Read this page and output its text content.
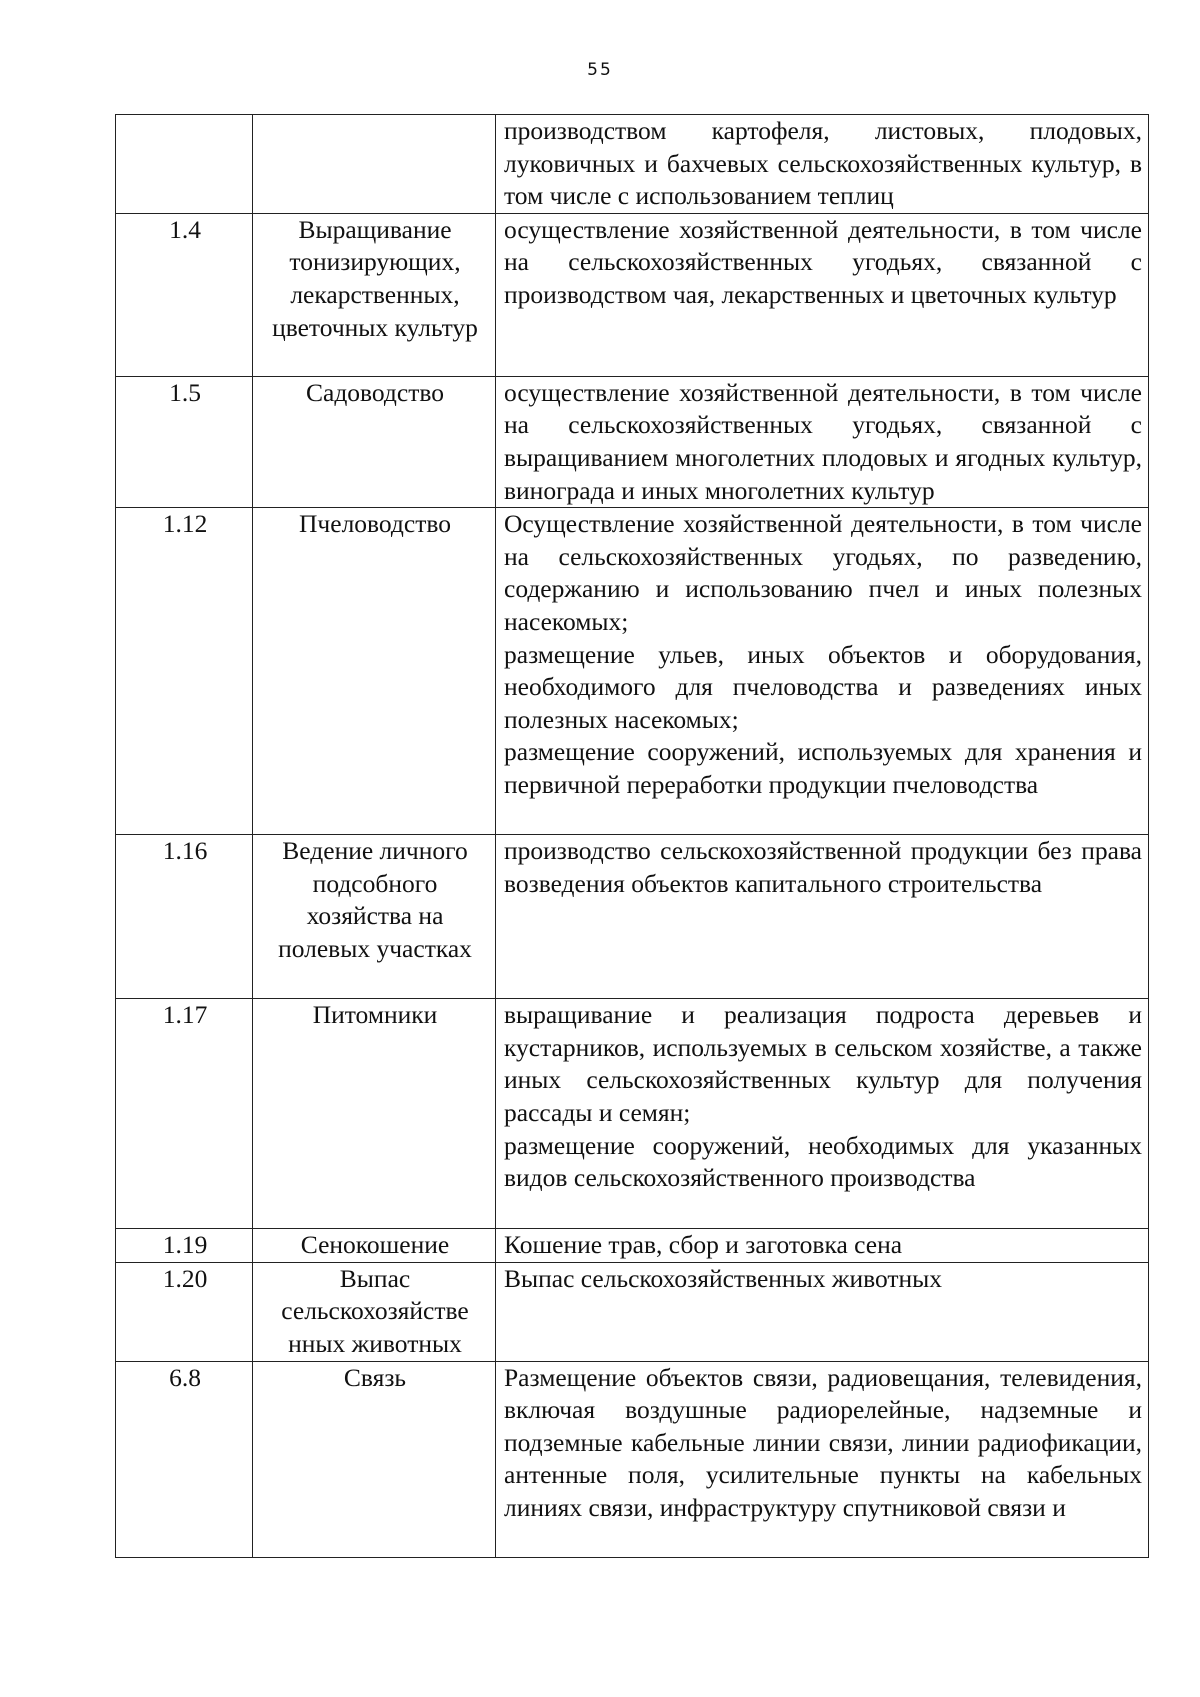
55

		производством картофеля, листовых, плодовых, луковичных и бахчевых сельскохозяйственных культур, в том числе с использованием теплиц

1.4	Выращивание тонизирующих, лекарственных, цветочных культур	осуществление хозяйственной деятельности, в том числе на сельскохозяйственных угодьях, связанной с производством чая, лекарственных и цветочных культур

1.5	Садоводство	осуществление хозяйственной деятельности, в том числе на сельскохозяйственных угодьях, связанной с выращиванием многолетних плодовых и ягодных культур, винограда и иных многолетних культур

1.12	Пчеловодство	Осуществление хозяйственной деятельности, в том числе на сельскохозяйственных угодьях, по разведению, содержанию и использованию пчел и иных полезных насекомых;
размещение ульев, иных объектов и оборудования, необходимого для пчеловодства и разведениях иных полезных насекомых;
размещение сооружений, используемых для хранения и первичной переработки продукции пчеловодства

1.16	Ведение личного подсобного хозяйства на полевых участках	производство сельскохозяйственной продукции без права возведения объектов капитального строительства

1.17	Питомники	выращивание и реализация подроста деревьев и кустарников, используемых в сельском хозяйстве, а также иных сельскохозяйственных культур для получения рассады и семян;
размещение сооружений, необходимых для указанных видов сельскохозяйственного производства

1.19	Сенокошение	Кошение трав, сбор и заготовка сена

1.20	Выпас сельскохозяйстве нных животных	Выпас сельскохозяйственных животных

6.8	Связь	Размещение объектов связи, радиовещания, телевидения, включая воздушные радиорелейные, надземные и подземные кабельные линии связи, линии радиофикации, антенные поля, усилительные пункты на кабельных линиях связи, инфраструктуру спутниковой связи и
